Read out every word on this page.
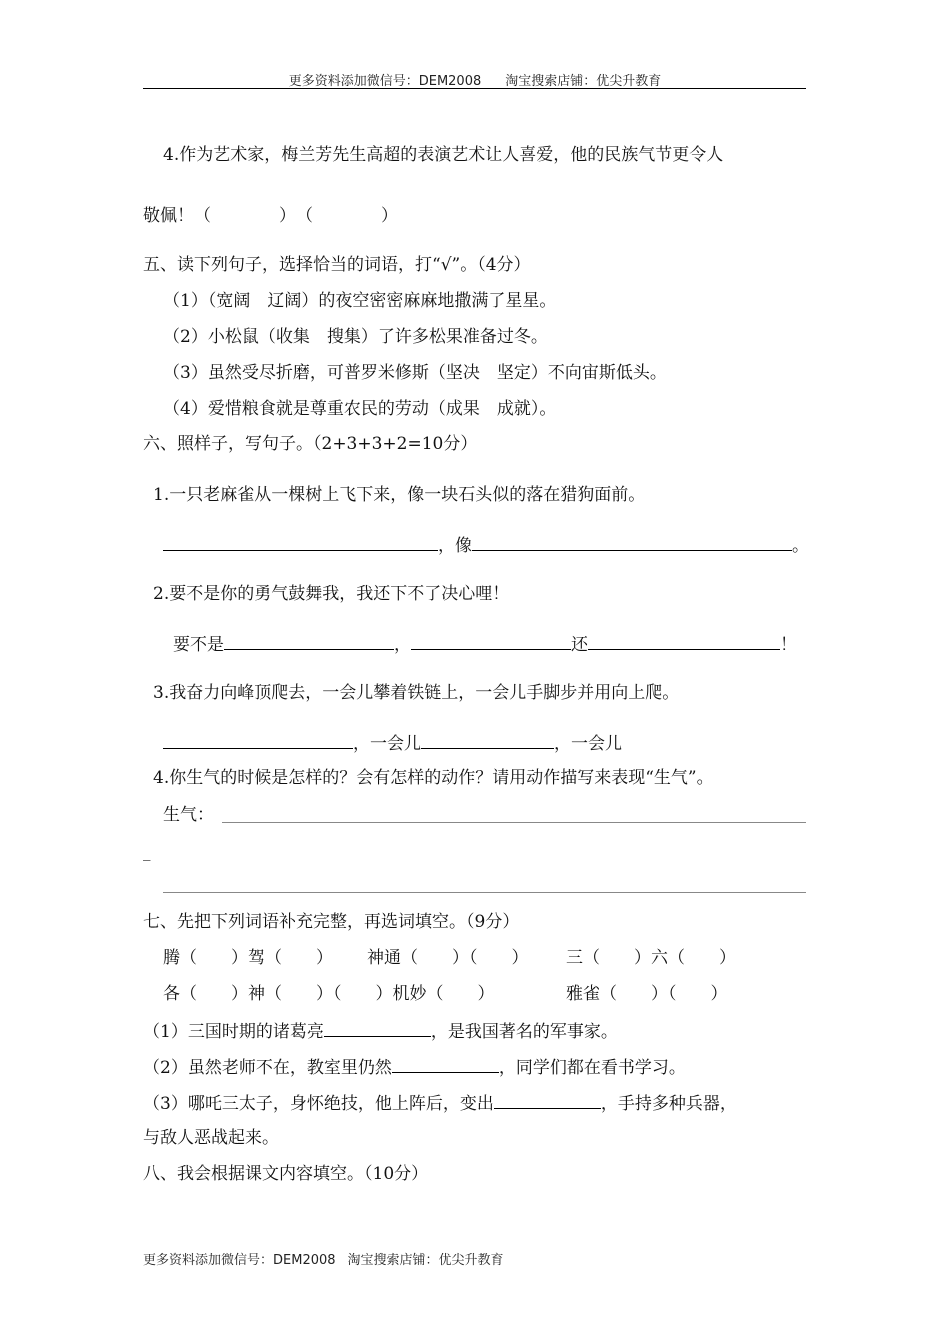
更多资料添加微信号：DEM2008 淘宝搜索店铺：优尖升教育
4.作为艺术家，梅兰芳先生高超的表演艺术让人喜爱，他的民族气节更令人
敬佩！（　　　　）　（　　　　）
五、读下列句子，选择恰当的词语，打“√”。（4分）
（1）（宽阔　辽阔）的夜空密密麻麻地撒满了星星。
（2）小松鼠（收集　搜集）了许多松果准备过冬。
（3）虽然受尽折磨，可普罗米修斯（坚决　坚定）不向宙斯低头。
（4）爱惜粮食就是尊重农民的劳动（成果　成就）。
六、照样子，写句子。（2+3+3+2=10分）
1.一只老麻雀从一棵树上飞下来，像一块石头似的落在猎狗面前。
，像	。
2.要不是你的勇气鼓舞我，我还下不了决心哩！
要不是	，	还	！
3.我奋力向峰顶爬去，一会儿攀着铁链上，一会儿手脚步并用向上爬。
，一会儿	，一会儿
4.你生气的时候是怎样的？会有怎样的动作？请用动作描写来表现“生气”。
生气：
_
七、先把下列词语补充完整，再选词填空。（9分）
腾（　　）驾（　　） 神通（　　）（　　） 三（　　）六（　　）
各（　　）神（　　）（　　）机妙（　　）	雅雀（　　）（　　）
（1）三国时期的诸葛亮	，是我国著名的军事家。
（2）虽然老师不在，教室里仍然	，同学们都在看书学习。
（3）哪吒三太子，身怀绝技，他上阵后，变出	，手持多种兵器，
与敌人恶战起来。
八、我会根据课文内容填空。（10分）
更多资料添加微信号：DEM2008 淘宝搜索店铺：优尖升教育
